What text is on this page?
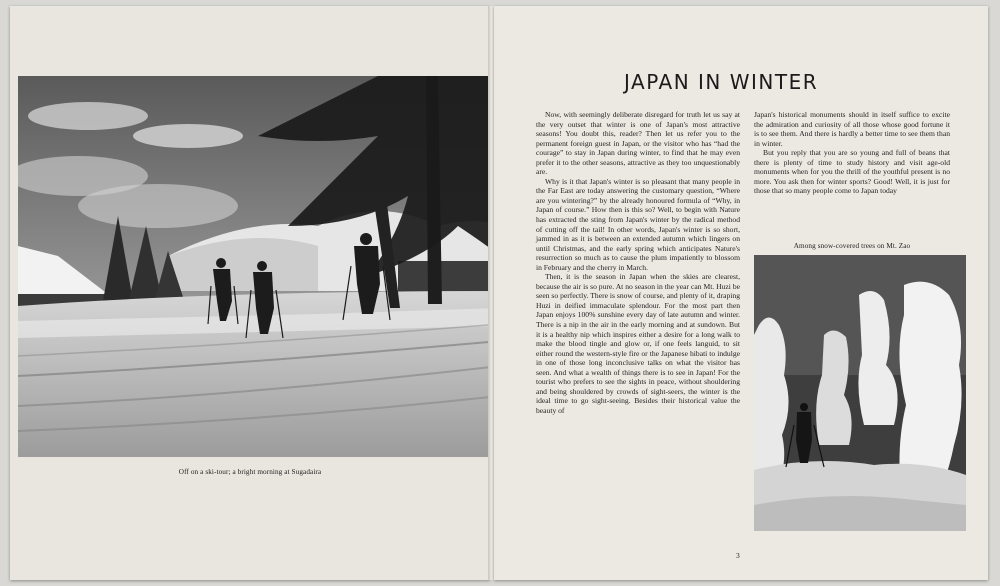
Off on a ski-tour; a bright morning at Sugadaira
JAPAN IN WINTER

Now, with seemingly deliberate disregard for truth let us say at the very outset that winter is one of Japan's most attractive seasons! You doubt this, reader? Then let us refer you to the permanent foreign guest in Japan, or the visitor who has “had the courage” to stay in Japan during winter, to find that he may even prefer it to the other seasons, attractive as they too unquestionably are.

Why is it that Japan's winter is so pleasant that many people in the Far East are today answering the customary question, “Where are you wintering?” by the already honoured formula of “Why, in Japan of course.” How then is this so? Well, to begin with Nature has extracted the sting from Japan's winter by the radical method of cutting off the tail! In other words, Japan's winter is so short, jammed in as it is between an extended autumn which lingers on until Christmas, and the early spring which anticipates Nature's resurrection so much as to cause the plum impatiently to blossom in February and the cherry in March.

Then, it is the season in Japan when the skies are clearest, because the air is so pure. At no season in the year can Mt. Huzi be seen so perfectly. There is snow of course, and plenty of it, draping Huzi in deified immaculate splendour. For the most part then Japan enjoys 100% sunshine every day of late autumn and winter. There is a nip in the air in the early morning and at sundown. But it is a healthy nip which inspires either a desire for a long walk to make the blood tingle and glow or, if one feels languid, to sit either round the western-style fire or the Japanese hibati to indulge in one of those long inconclusive talks on what the visitor has seen. And what a wealth of things there is to see in Japan! For the tourist who prefers to see the sights in peace, without shouldering and being shouldered by crowds of sight-seers, the winter is the ideal time to go sight-seeing. Besides their historical value the beauty of

Japan's historical monuments should in itself suffice to excite the admiration and curiosity of all those whose good fortune it is to see them. And there is hardly a better time to see them than in winter.

But you reply that you are so young and full of beans that there is plenty of time to study history and visit age-old monuments when for you the thrill of the youthful present is no more. You ask then for winter sports? Good! Well, it is just for those that so many people come to Japan today

Among snow-covered trees on Mt. Zao
3
